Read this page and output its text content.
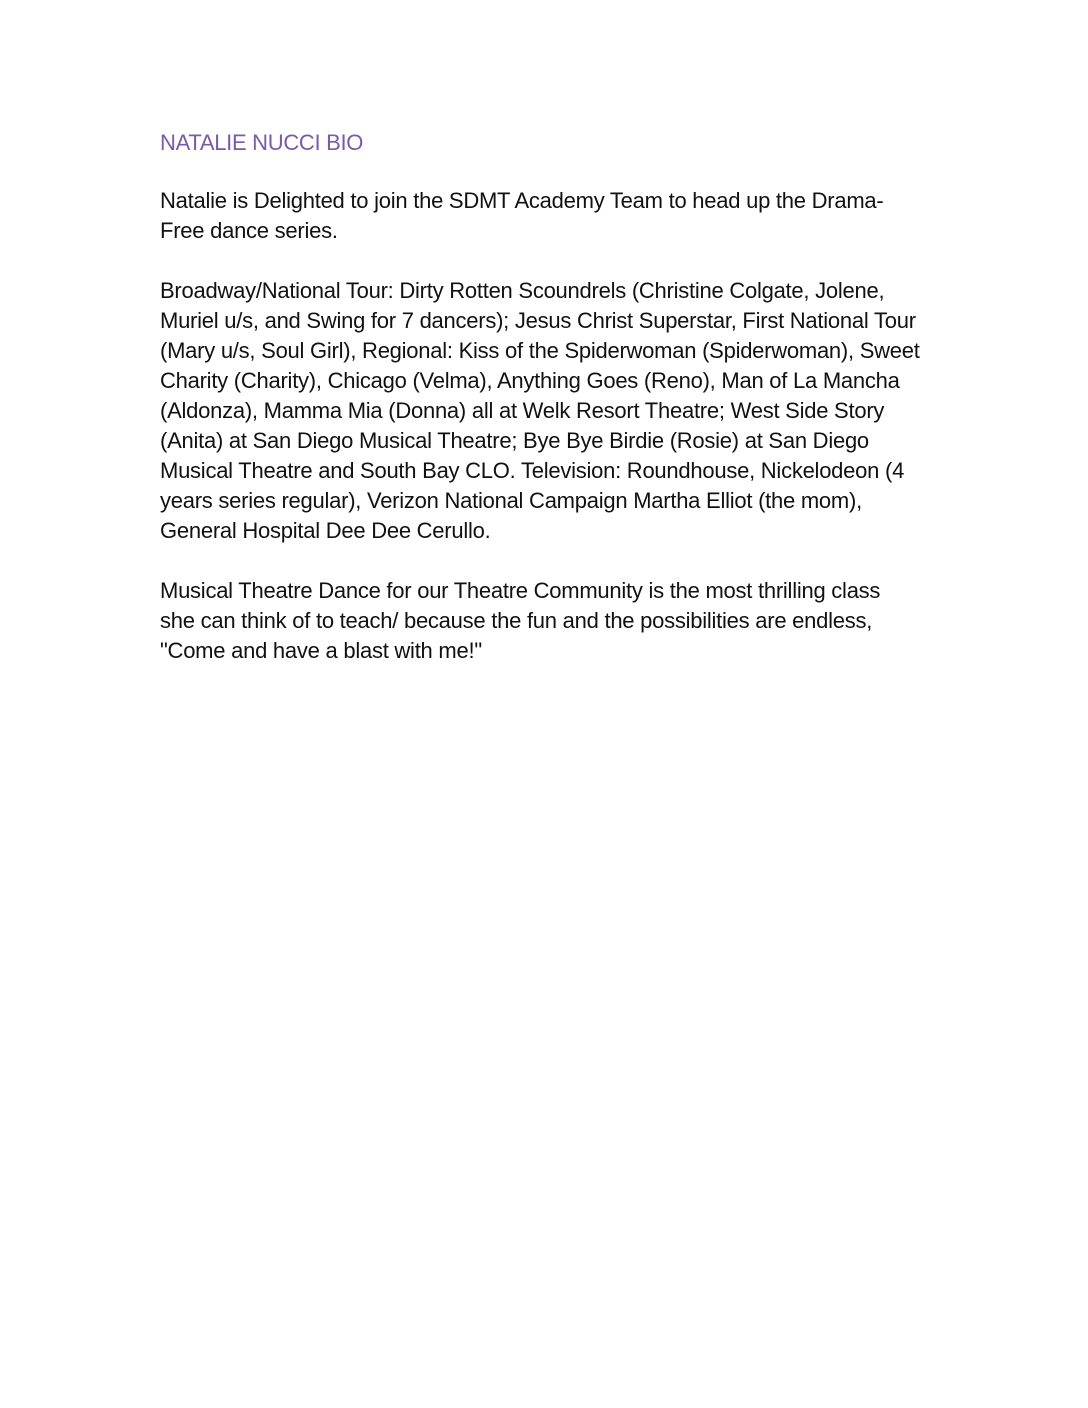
NATALIE NUCCI BIO

Natalie is Delighted to join the SDMT Academy Team to head up the Drama-Free dance series.

Broadway/National Tour: Dirty Rotten Scoundrels (Christine Colgate, Jolene, Muriel u/s, and Swing for 7 dancers); Jesus Christ Superstar, First National Tour (Mary u/s, Soul Girl), Regional: Kiss of the Spiderwoman (Spiderwoman), Sweet Charity (Charity), Chicago (Velma), Anything Goes (Reno), Man of La Mancha (Aldonza), Mamma Mia (Donna) all at Welk Resort Theatre; West Side Story (Anita) at San Diego Musical Theatre; Bye Bye Birdie (Rosie) at San Diego Musical Theatre and South Bay CLO. Television: Roundhouse, Nickelodeon (4 years series regular), Verizon National Campaign Martha Elliot (the mom), General Hospital Dee Dee Cerullo.

Musical Theatre Dance for our Theatre Community is the most thrilling class she can think of to teach/ because the fun and the possibilities are endless, "Come and have a blast with me!"
